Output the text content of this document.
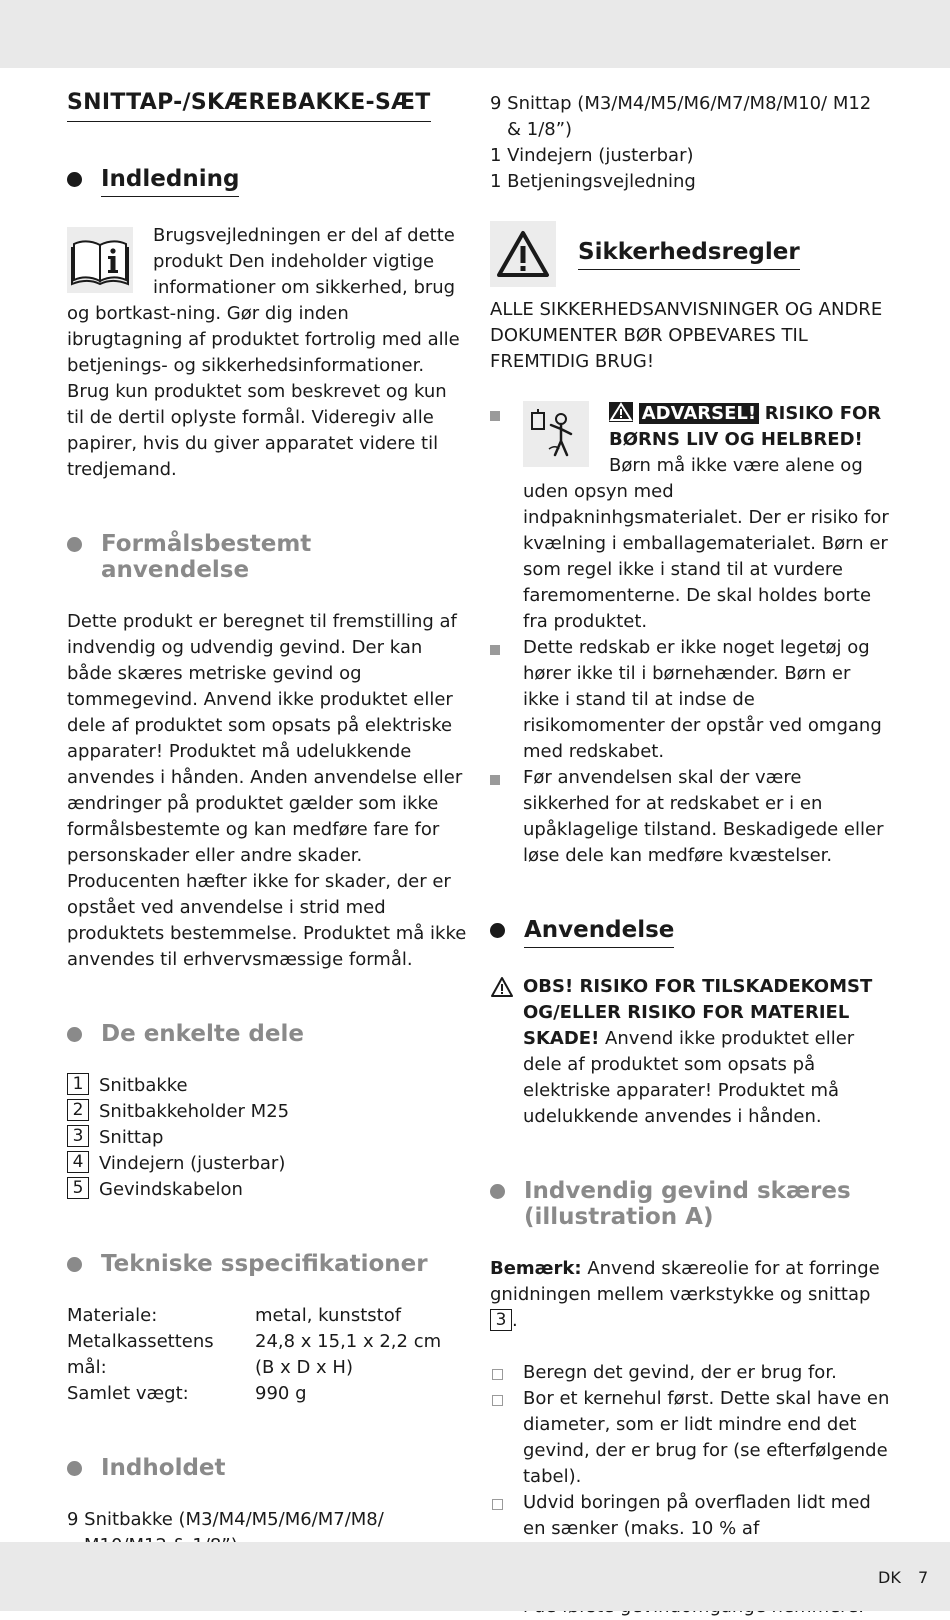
SNITTAP-/SKÆREBAKKE-SÆT
Indledning

Brugsvejledningen er del af dette produkt Den indeholder vigtige informationer om sikkerhed, brug og bortkast-ning. Gør dig inden ibrugtagning af produktet fortrolig med alle betjenings- og sikkerhedsinformationer. Brug kun produktet som beskrevet og kun til de dertil oplyste formål. Videregiv alle papirer, hvis du giver apparatet videre til tredjemand.

Formålsbestemt anvendelse

Dette produkt er beregnet til fremstilling af indvendig og udvendig gevind. Der kan både skæres metriske gevind og tommegevind. Anvend ikke produktet eller dele af produktet som opsats på elektriske apparater! Produktet må udelukkende anvendes i hånden. Anden anvendelse eller ændringer på produktet gælder som ikke formålsbestemte og kan medføre fare for personskader eller andre skader. Producenten hæfter ikke for skader, der er opstået ved anvendelse i strid med produktets bestemmelse. Produktet må ikke anvendes til erhvervsmæssige formål.

De enkelte dele
1 Snitbakke
2 Snitbakkeholder M25
3 Snittap
4 Vindejern (justerbar)
5 Gevindskabelon
Tekniske sspecifikationer
Materiale:	metal, kunststof
Metalkassettens mål:
24,8 x 15,1 x 2,2 cm
(B x D x H)
Samlet vægt:	990 g
Indholdet

9 Snitbakke (M3/M4/M5/M6/M7/M8/

9 Snittap (M3/M4/M5/M6/M7/M8/M10/ M12 & 1/8”)

1 Vindejern (justerbar)

1 Betjeningsvejledning

Sikkerhedsregler

ALLE SIKKERHEDSANVISNINGER OG ANDRE DOKUMENTER BØR OPBEVARES TIL FREMTIDIG BRUG!

ADVARSEL! RISIKO FOR BØRNS LIV OG HELBRED!

Børn må ikke være alene og uden opsyn med indpakninhgsmaterialet. Der er risiko for kvælning i emballagematerialet. Børn er som regel ikke i stand til at vurdere faremomenterne. De skal holdes borte fra produktet.

Dette redskab er ikke noget legetøj og hører ikke til i børnehænder. Børn er ikke i stand til at indse de risikomomenter der opstår ved omgang med redskabet.

Før anvendelsen skal der være sikkerhed for at redskabet er i en upåklagelige tilstand. Beskadigede eller løse dele kan medføre kvæstelser.

Anvendelse

OBS! RISIKO FOR TILSKADEKOMST OG/ELLER RISIKO FOR MATERIEL SKADE! Anvend ikke produktet eller dele af produktet som opsats på elektriske apparater! Produktet må udelukkende anvendes i hånden.

Indvendig gevind skæres
(illustration A)

Bemærk: Anvend skæreolie for at forringe gnidningen mellem værkstykke og snittap 3 .

Beregn det gevind, der er brug for.

Bor et kernehul først. Dette skal have en diameter, som er lidt mindre end det gevind, der er brug for (se efterfølgende tabel).

Udvid boringen på overfladen lidt med en sænker (maks. 10 % af

DK 7
